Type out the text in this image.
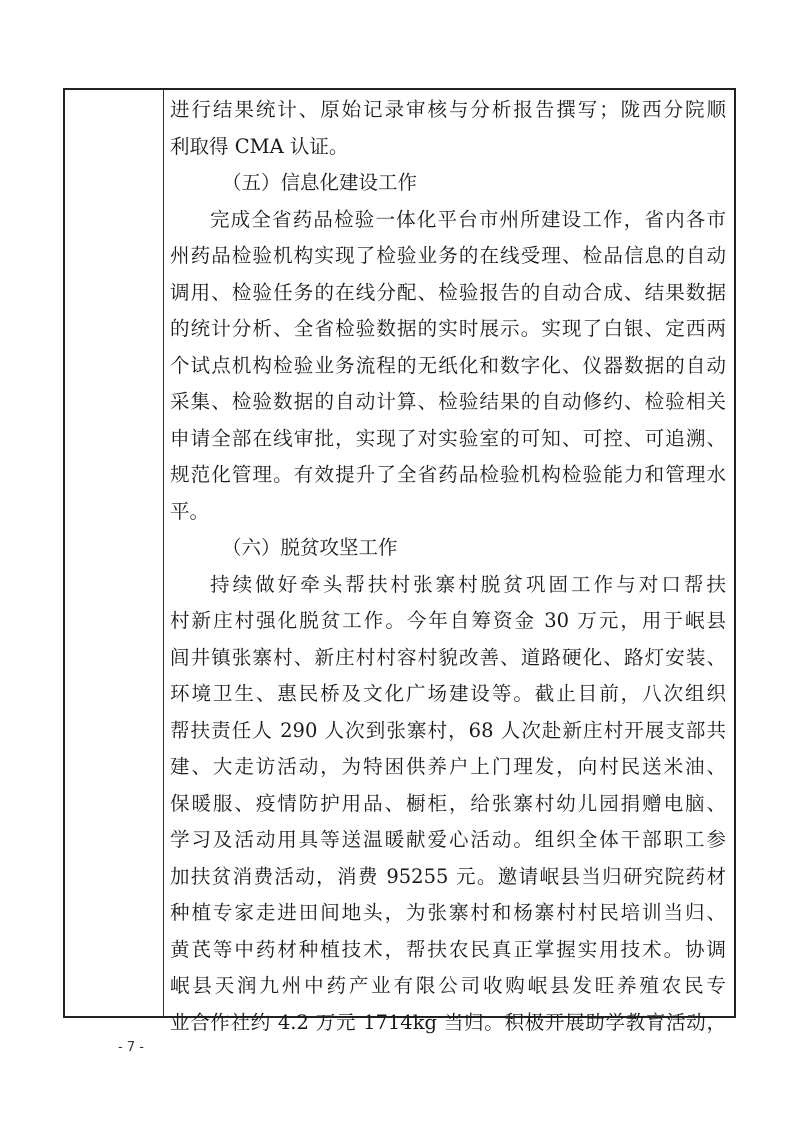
进行结果统计、原始记录审核与分析报告撰写；陇西分院顺
利取得 CMA 认证。
（五）信息化建设工作
完成全省药品检验一体化平台市州所建设工作，省内各市
州药品检验机构实现了检验业务的在线受理、检品信息的自动
调用、检验任务的在线分配、检验报告的自动合成、结果数据
的统计分析、全省检验数据的实时展示。实现了白银、定西两
个试点机构检验业务流程的无纸化和数字化、仪器数据的自动
采集、检验数据的自动计算、检验结果的自动修约、检验相关
申请全部在线审批，实现了对实验室的可知、可控、可追溯、
规范化管理。有效提升了全省药品检验机构检验能力和管理水
平。
（六）脱贫攻坚工作
持续做好牵头帮扶村张寨村脱贫巩固工作与对口帮扶
村新庄村强化脱贫工作。今年自筹资金 30 万元，用于岷县
闾井镇张寨村、新庄村村容村貌改善、道路硬化、路灯安装、
环境卫生、惠民桥及文化广场建设等。截止目前，八次组织
帮扶责任人 290 人次到张寨村，68 人次赴新庄村开展支部共
建、大走访活动，为特困供养户上门理发，向村民送米油、
保暖服、疫情防护用品、橱柜，给张寨村幼儿园捐赠电脑、
学习及活动用具等送温暖献爱心活动。组织全体干部职工参
加扶贫消费活动，消费 95255 元。邀请岷县当归研究院药材
种植专家走进田间地头，为张寨村和杨寨村村民培训当归、
黄芪等中药材种植技术，帮扶农民真正掌握实用技术。协调
岷县天润九州中药产业有限公司收购岷县发旺养殖农民专
业合作社约 4.2 万元 1714kg 当归。积极开展助学教育活动，
- 7 -
